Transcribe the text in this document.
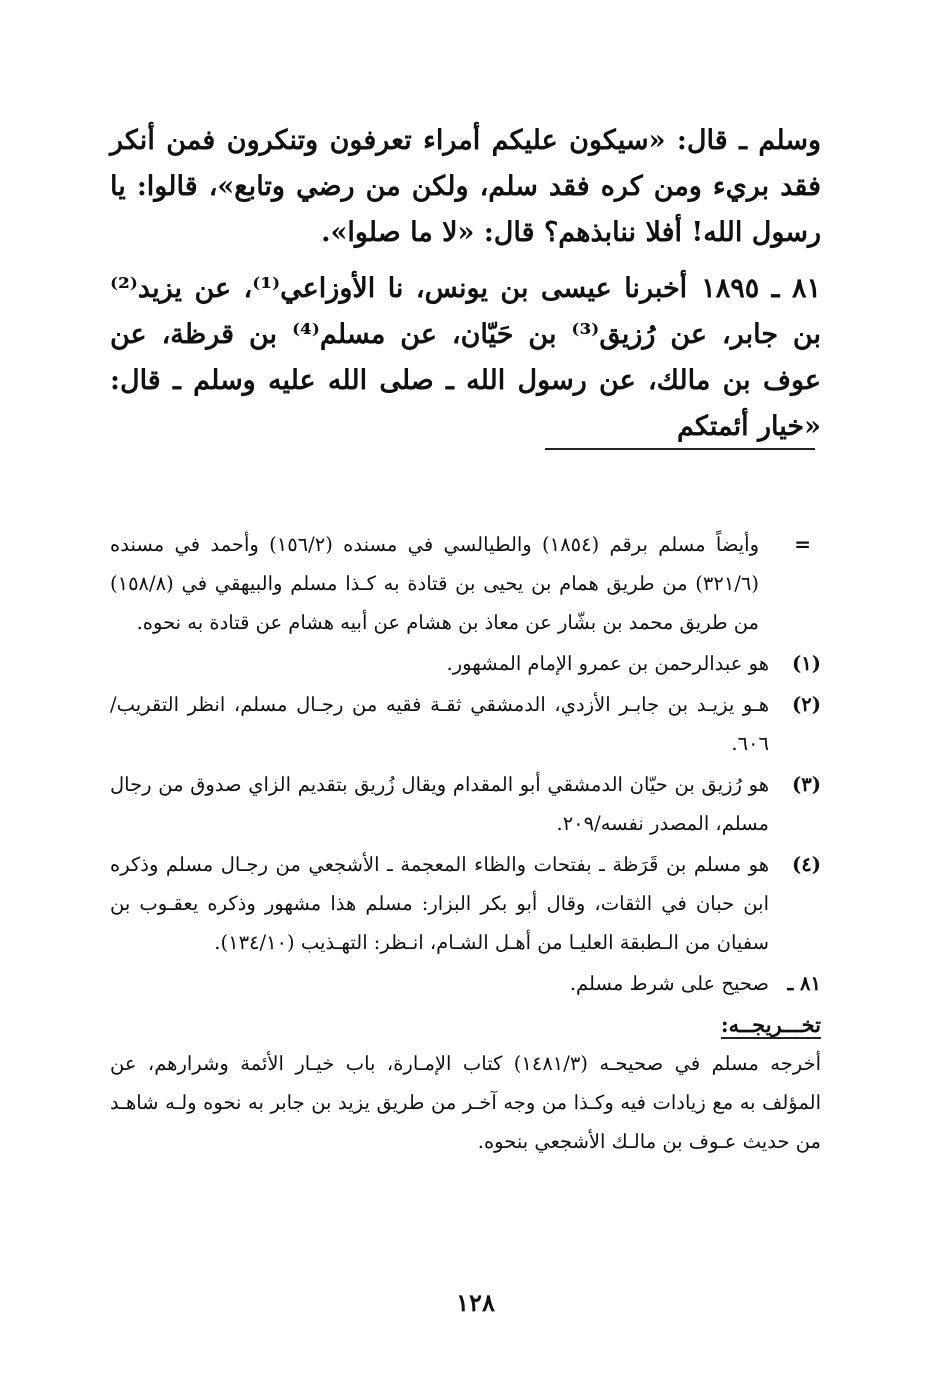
وسلم ـ قال: «سيكون عليكم أمراء تعرفون وتنكرون فمن أنكر فقد بريء ومن كره فقد سلم، ولكن من رضي وتابع»، قالوا: يا رسول الله! أفلا ننابذهم؟ قال: «لا ما صلوا».

٨١ ـ ١٨٩٥أخبرنا عيسى بن يونس، نا الأوزاعي⁽¹⁾، عن يزيد⁽²⁾ بن جابر، عن رُزيق⁽³⁾ بن حَيّان، عن مسلم⁽⁴⁾ بن قرظة، عن عوف بن مالك، عن رسول الله ـ صلى الله عليه وسلم ـ قال: «خيار أئمتكم

=
وأيضاً مسلم برقم (١٨٥٤) والطيالسي في مسنده (١٥٦/٢) وأحمد في مسنده (٣٢١/٦) من طريق همام بن يحيى بن قتادة به كـذا مسلم والبيهقي في (١٥٨/٨) من طريق محمد بن بشّار عن معاذ بن هشام عن أبيه هشام عن قتادة به نحوه.
(١)
هو عبدالرحمن بن عمرو الإمام المشهور.
(٢)
هـو يزيـد بن جابـر الأزدي، الدمشقي ثقـة فقيه من رجـال مسلم، انظر التقريب/٦٠٦.
(٣)
هو رُزيق بن حيّان الدمشقي أبو المقدام ويقال زُريق بتقديم الزاي صدوق من رجال مسلم، المصدر نفسه/٢٠٩.
(٤)
هو مسلم بن قَرَظة ـ بفتحات والظاء المعجمة ـ الأشجعي من رجـال مسلم وذكره ابن حبان في الثقات، وقال أبو بكر البزار: مسلم هذا مشهور وذكره يعقـوب بن سفيان من الـطبقة العليـا من أهـل الشـام، انـظر: التهـذيب (١٣٤/١٠).
٨١ ـ
صحيح على شرط مسلم.
تخـــريجــه:
أخرجه مسلم في صحيحـه (١٤٨١/٣) كتاب الإمـارة، باب خيـار الأئمة وشرارهم، عن المؤلف به مع زيادات فيه وكـذا من وجه آخـر من طريق يزيد بن جابر به نحوه ولـه شاهـد من حديث عـوف بن مالـك الأشجعي بنحوه.
١٢٨
